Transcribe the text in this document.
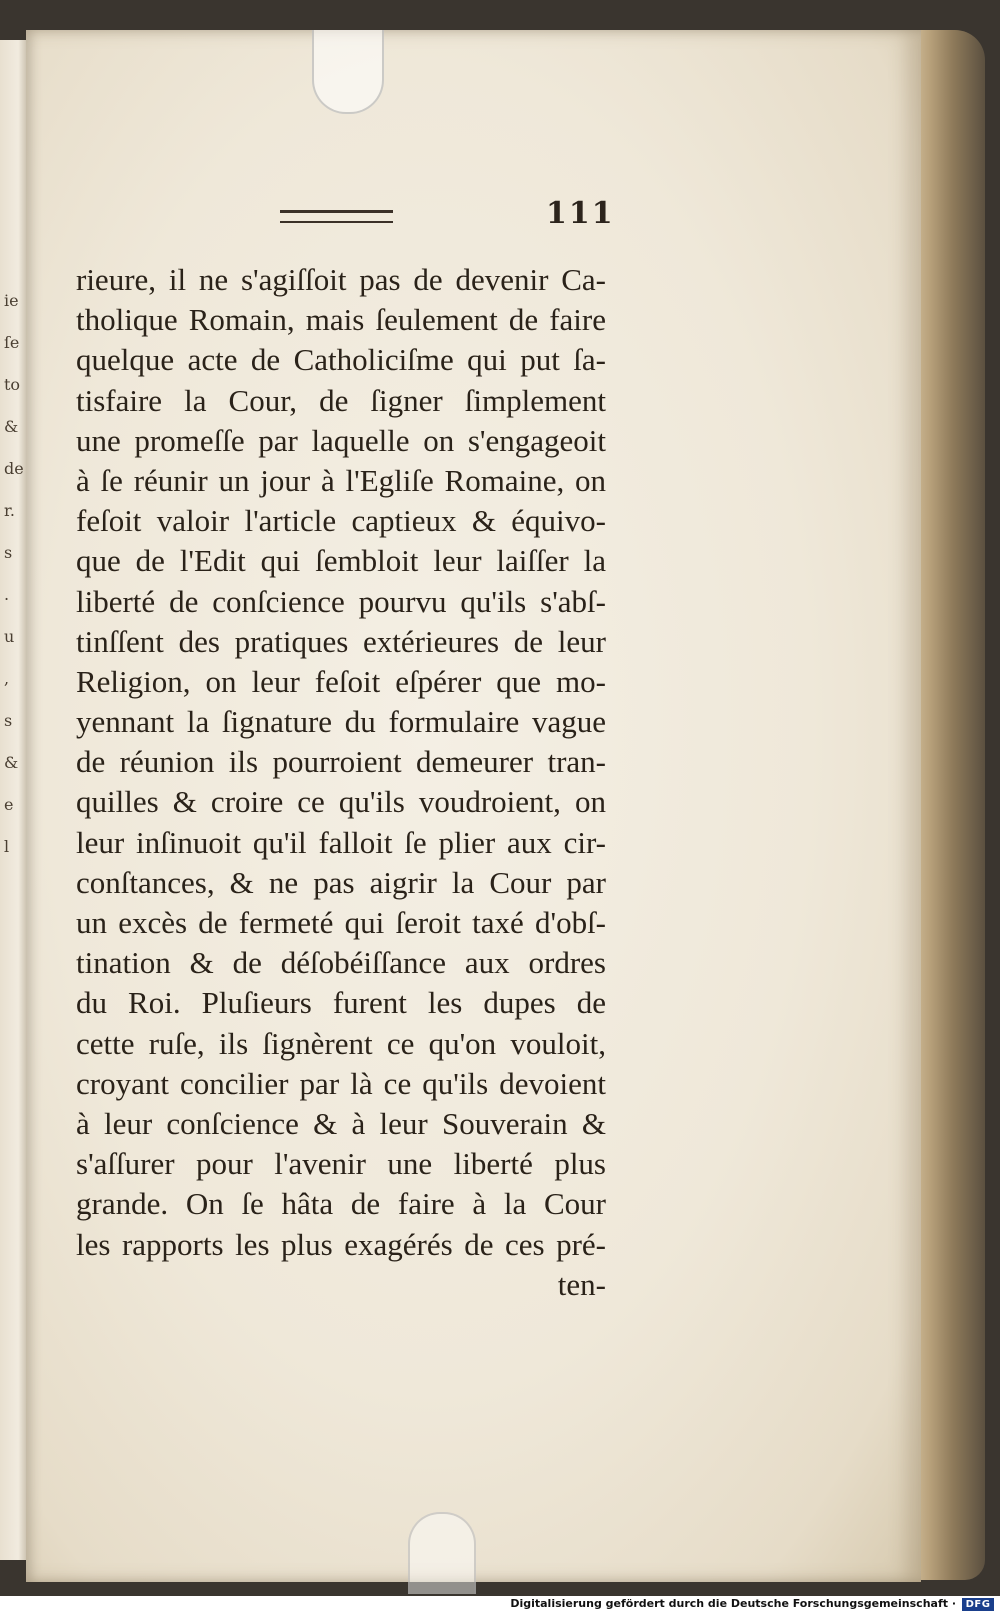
ie
ſe
to
&
de
r.
s
.
u
,
s
&
e
l
111
rieure, il ne s'agiſſoit pas de devenir Ca-
tholique Romain, mais ſeulement de faire
quelque acte de Catholiciſme qui put ſa-
tisfaire la Cour, de ſigner ſimplement
une promeſſe par laquelle on s'engageoit
à ſe réunir un jour à l'Egliſe Romaine, on
feſoit valoir l'article captieux & équivo-
que de l'Edit qui ſembloit leur laiſſer la
liberté de conſcience pourvu qu'ils s'abſ-
tinſſent des pratiques extérieures de leur
Religion, on leur feſoit eſpérer que mo-
yennant la ſignature du formulaire vague
de réunion ils pourroient demeurer tran-
quilles & croire ce qu'ils voudroient, on
leur inſinuoit qu'il falloit ſe plier aux cir-
conſtances, & ne pas aigrir la Cour par
un excès de fermeté qui ſeroit taxé d'obſ-
tination & de déſobéiſſance aux ordres
du Roi. Pluſieurs furent les dupes de
cette ruſe, ils ſignèrent ce qu'on vouloit,
croyant concilier par là ce qu'ils devoient
à leur conſcience & à leur Souverain &
s'aſſurer pour l'avenir une liberté plus
grande. On ſe hâta de faire à la Cour
les rapports les plus exagérés de ces pré-
ten-
Digitalisierung gefördert durch die Deutsche Forschungsgemeinschaft · DFG
